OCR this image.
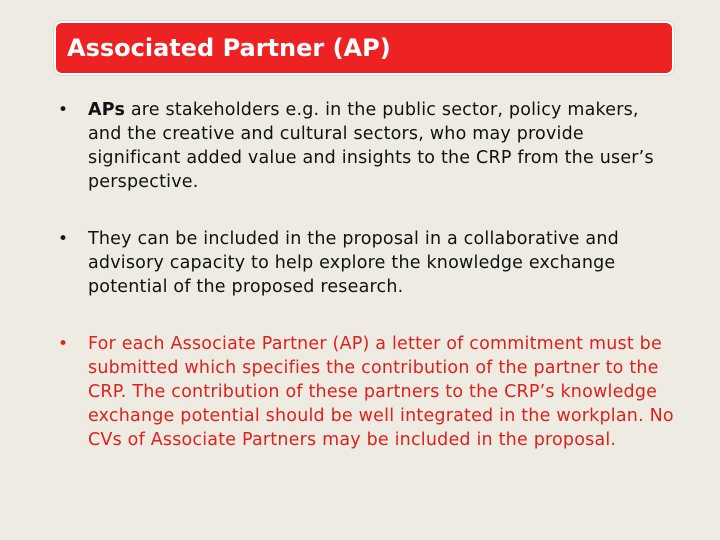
Associated Partner (AP)
• APs are stakeholders e.g. in the public sector, policy makers, and the creative and cultural sectors, who may provide significant added value and insights to the CRP from the user’s perspective.
• They can be included in the proposal in a collaborative and advisory capacity to help explore the knowledge exchange potential of the proposed research.
• For each Associate Partner (AP) a letter of commitment must be submitted which specifies the contribution of the partner to the CRP. The contribution of these partners to the CRP’s knowledge exchange potential should be well integrated in the workplan. No CVs of Associate Partners may be included in the proposal.
